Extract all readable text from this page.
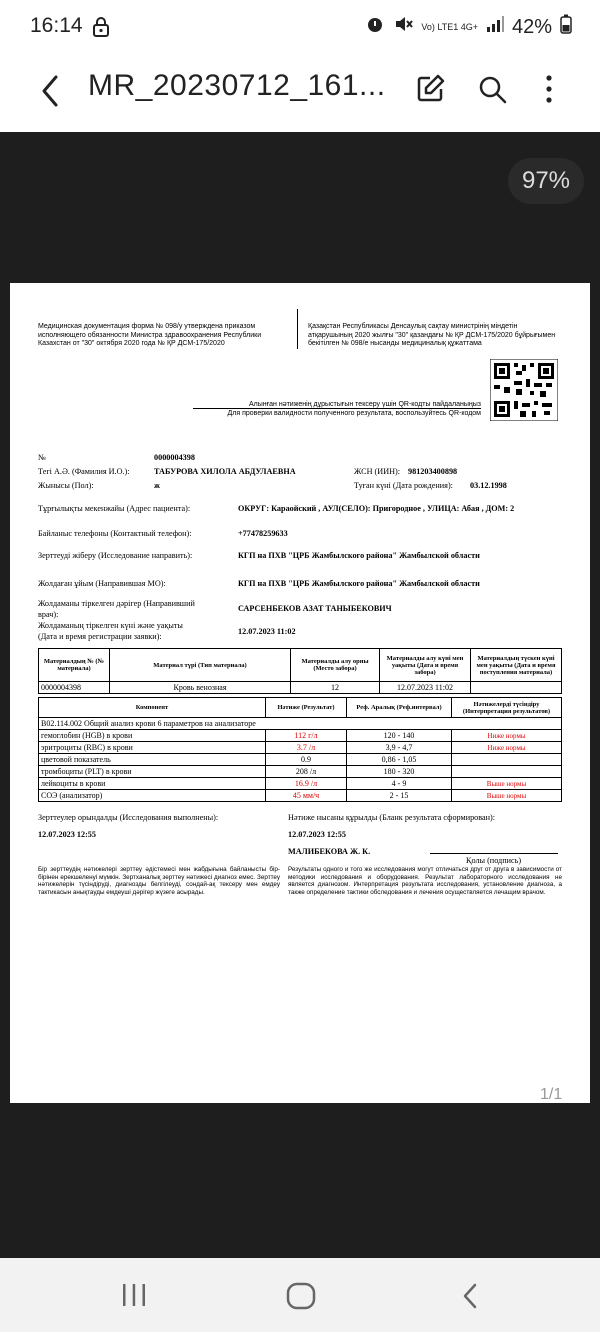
16:14	Vo) LTE1 4G+ 42%
MR_20230712_161...
97%
Медицинская документация форма № 098/у утверждена приказом исполняющего обязанности Министра здравоохранения Республики Казахстан от "30" октября 2020 года № ҚР ДСМ-175/2020
Қазақстан Республикасы Денсаулық сақтау министрінің міндетін атқарушының 2020 жылғы "30" қазандағы № ҚР ДСМ-175/2020 бұйрығымен бекітілген № 098/е нысанды медициналық құжаттама
Алынған нәтиженің дұрыстығын тексеру үшін QR-кодты пайдаланыңыз
Для проверки валидности полученного результата, воспользуйтесь QR-кодом
№	0000004398
Тегі А.Ә. (Фамилия И.О.):	ТАБУРОВА ХИЛОЛА АБДУЛАЕВНА	ЖСН (ИИН): 981203400898
Жынысы (Пол):	ж	Туған күні (Дата рождения): 03.12.1998
Тұрғылықты мекенжайы (Адрес пациента):	ОКРУГ: Караойский , АУЛ(СЕЛО): Пригородное , УЛИЦА: Абая , ДОМ: 2
Байланыс телефоны (Контактный телефон):	+77478259633
Зерттеуді жіберу (Исследование направить):	КГП на ПХВ "ЦРБ Жамбылского района" Жамбылской области
Жолдаған ұйым (Направившая МО):	КГП на ПХВ "ЦРБ Жамбылского района" Жамбылской области
Жолдаманы тіркелген дәрігер (Направивший
врач):
САРСЕНБЕКОВ АЗАТ ТАНЫБЕКОВИЧ
Жолдаманың тіркелген күні және уақыты
(Дата и время регистрации заявки):
12.07.2023 11:02
Материалдың № (№ материала)	Материал түрі (Тип материала)	Материалды алу орны (Место забора)	Материалды алу күні мен уақыты (Дата и время забора)	Материалдың түскен күні мен уақыты (Дата и время поступления материала)
0000004398	Кровь венозная	12	12.07.2023 11:02	
Компонент	Нәтиже (Результат)	Реф. Аралық (Реф.интервал)	Нәтижелерді түсіндіру (Интерпретация результатов)
B02.114.002 Общий анализ крови 6 параметров на анализаторе			
гемоглобин (HGB) в крови	112 г/л	120 - 140	Ниже нормы
эритроциты (RBC) в крови	3.7 /л	3,9 - 4,7	Ниже нормы
цветовой показатель	0.9	0,86 - 1,05	
тромбоциты (PLT) в крови	208 /л	180 - 320	
лейкоциты в крови	16.9 /л	4 - 9	Выше нормы
СОЭ (анализатор)	45 мм/ч	2 - 15	Выше нормы
Зерттеулер орындалды (Исследования выполнены):
12.07.2023 12:55
Нәтиже нысаны құрылды (Бланк результата сформирован):
12.07.2023 12:55
МАЛИБЕКОВА Ж. К.
Қолы (подпись)
Бір зерттеудің нәтижелері зерттеу әдістемесі мен жабдығына байланысты бір-бірінен ерекшеленуі мүмкін. Зертханалық зерттеу нәтижесі диагноз емес. Зерттеу нәтижелерін түсіндіруді, диагнозды белгілеуді, сондай-ақ тексеру мен емдеу тактикасын анықтауды емдеуші дәрігер жүзеге асырады.
Результаты одного и того же исследования могут отличаться друг от друга в зависимости от методики исследования и оборудования. Результат лабораторного исследования не является диагнозом. Интерпретация результата исследования, установление диагноза, а также определение тактики обследования и лечения осуществляется лечащим врачом.
1/1
